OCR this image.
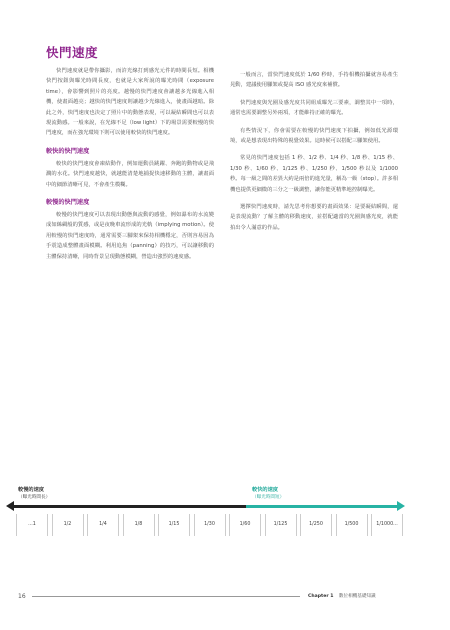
快門速度

快門速度就是帶你攝影，而許光線打到感光元件的時間長短。相機快門按鈕與曝光時間長度，也就是大家所說的曝光時間（exposure time），會影響到照片的亮度。越慢的快門速度會讓越多光線進入相機，使畫面越亮；越快的快門速度則讓越少光線進入，使畫面越暗。除此之外，快門速度也決定了照片中的動態表現，可以凝結瞬間也可以表現流動感。一般來說，在光線不足（low light）下的場景需要較慢的快門速度，而在強光環境下則可以使用較快的快門速度。

較快的快門速度

較快的快門速度會凍結動作，例如運動員跳躍、奔跑的動物或是飛濺的水花。快門速度越快，就越能清楚地捕捉快速移動的主體，讓畫面中的細節清晰可見，不會產生模糊。

較慢的快門速度

較慢的快門速度可以表現出動態與流動的感覺，例如瀑布的水流變成如絲綢般的質感，或是夜晚車流形成的光軌（implying motion）。使用較慢的快門速度時，通常需要三腳架來保持相機穩定，否則容易因為手震造成整體畫面模糊。利用追焦（panning）的技巧，可以讓移動的主體保持清晰，同時背景呈現動態模糊，營造出強烈的速度感。

一般而言，當快門速度低於 1/60 秒時，手持相機拍攝就容易產生晃動，建議使用腳架或提高 ISO 感光度來補償。

快門速度與光圈及感光度共同組成曝光三要素，調整其中一項時，通常也需要調整另外兩項，才能維持正確的曝光。

有些情況下，你會需要在較慢的快門速度下拍攝，例如低光源環境，或是想表現出特殊的視覺效果。這時候可以搭配三腳架使用。

常見的快門速度包括 1 秒、1/2 秒、1/4 秒、1/8 秒、1/15 秒、1/30 秒、1/60 秒、1/125 秒、1/250 秒、1/500 秒以及 1/1000 秒。每一級之間的差異大約是兩倍的進光量，稱為一級（stop）。許多相機也提供更細微的三分之一級調整，讓你能更精準地控制曝光。

選擇快門速度時，請先思考你想要的畫面效果：是要凝結瞬間，還是表現流動？了解主體的移動速度，並搭配適當的光圈與感光度，就能拍出令人滿意的作品。

較慢的速度
（曝光時間長）
較快的速度
（曝光時間短）
...1	1/2	1/4	1/8	1/15	1/30	1/60	1/125	1/250	1/500	1/1000...
16	Chapter 1 數位相機基礎知識
